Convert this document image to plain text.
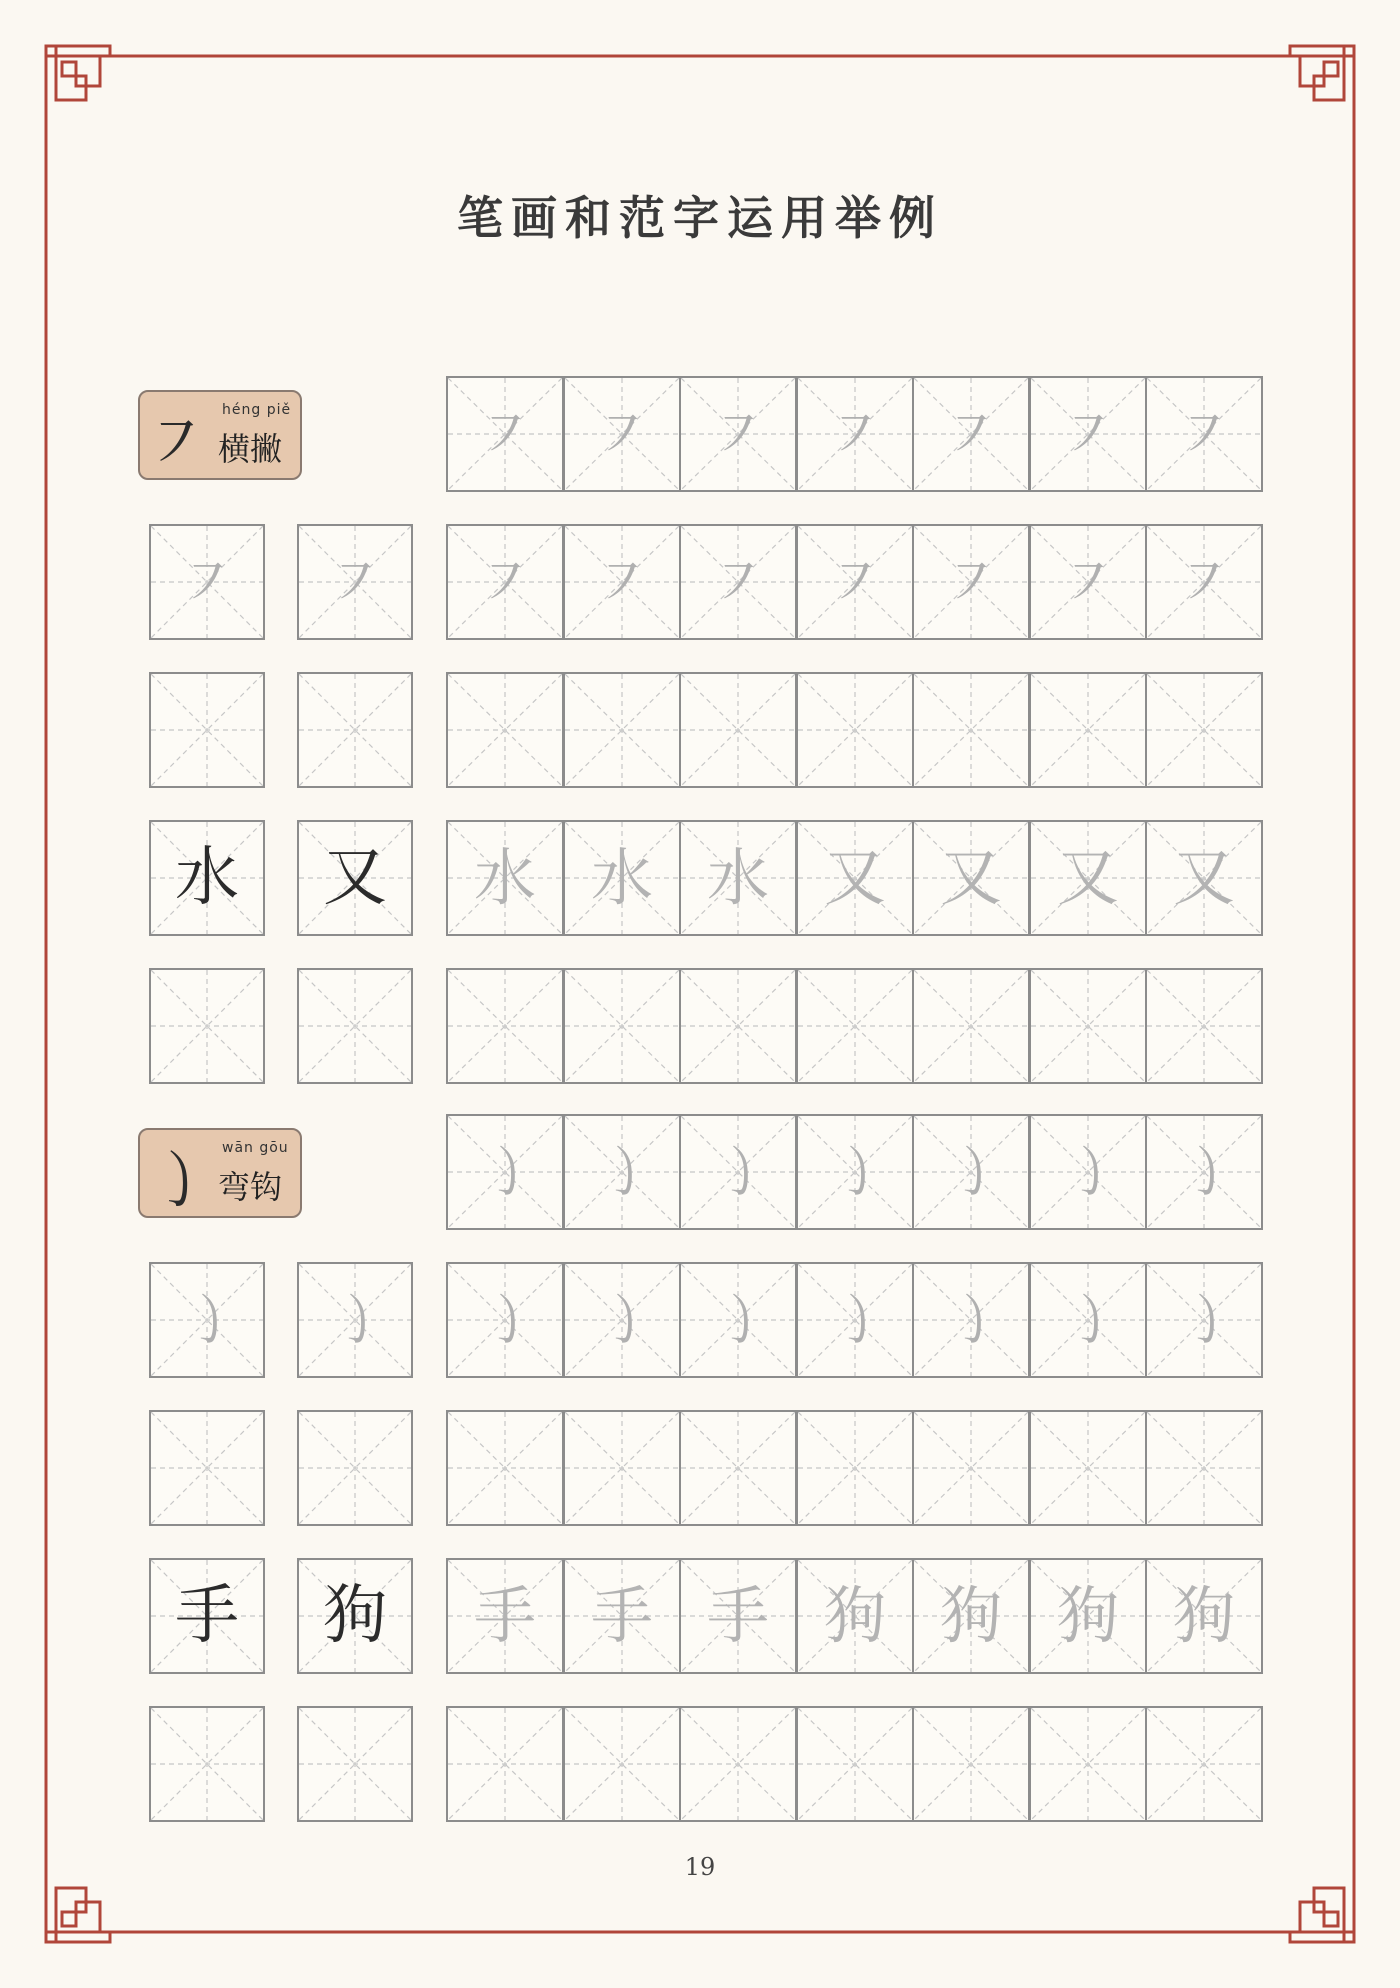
笔画和范字运用举例
㇇ héng piě
横撇	㇇	㇇ ㇇	㇇ ㇇	㇇ ㇇
㇇	㇇	㇇	㇇ ㇇	㇇ ㇇	㇇ ㇇
水	又	水 水 水 又 又 又 又
㇁ wān gōu
弯钩	㇁	㇁ ㇁	㇁ ㇁	㇁ ㇁
㇁	㇁	㇁	㇁ ㇁	㇁ ㇁	㇁ ㇁
手	狗	手 手 手 狗 狗 狗 狗
19
